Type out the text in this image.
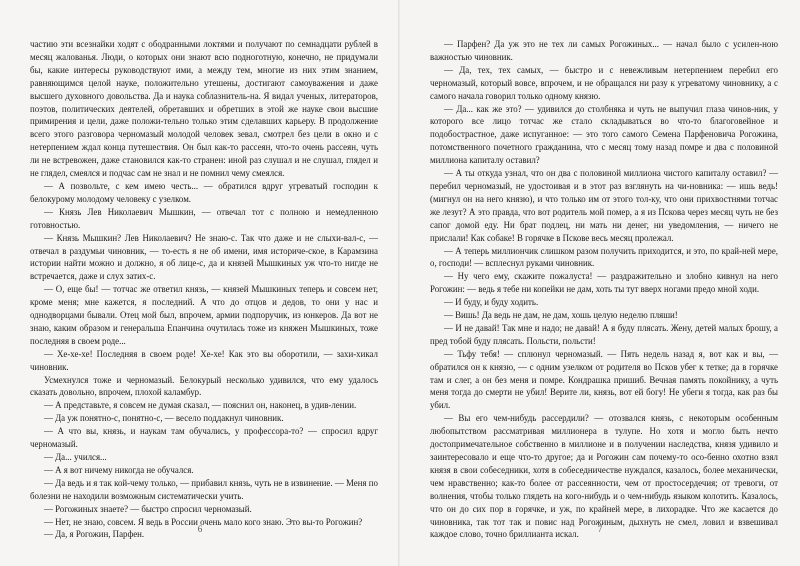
частию эти всезнайки ходят с ободранными локтями и получают по семнадцати рублей в месяц жалованья. Люди, о которых они знают всю подноготную, конечно, не придумали бы, какие интересы руководствуют ими, а между тем, многие из них этим знанием, равняющимся целой науке, положительно утешены, достигают самоуважения и даже высшего духовного довольства. Да и наука соблазнитель-на. Я видал ученых, литераторов, поэтов, политических деятелей, обретавших и обретших в этой же науке свои высшие примирения и цели, даже положи-тельно только этим сделавших карьеру. В продолжение всего этого разговора черномазый молодой человек зевал, смотрел без цели в окно и с нетерпением ждал конца путешествия. Он был как-то рассеян, что-то очень рассеян, чуть ли не встревожен, даже становился как-то странен: иной раз слушал и не слушал, глядел и не глядел, смеялся и подчас сам не знал и не помнил чему смеялся.

— А позвольте, с кем имею честь... — обратился вдруг угреватый господин к белокурому молодому человеку с узелком.

— Князь Лев Николаевич Мышкин, — отвечал тот с полною и немедленною готовностью.

— Князь Мышкин? Лев Николаевич? Не знаю-с. Так что даже и не слыхи-вал-с, — отвечал в раздумьи чиновник, — то-есть я не об имени, имя историче-ское, в Карамзина истории найти можно и должно, я об лице-с, да и князей Мышкиных уж что-то нигде не встречается, даже и слух затих-с.

— О, еще бы! — тотчас же ответил князь, — князей Мышкиных теперь и совсем нет, кроме меня; мне кажется, я последний. А что до отцов и дедов, то они у нас и однодворцами бывали. Отец мой был, впрочем, армии подпоручик, из юнкеров. Да вот не знаю, каким образом и генеральша Епанчина очутилась тоже из княжен Мышкиных, тоже последняя в своем роде...

— Хе-хе-хе! Последняя в своем роде! Хе-хе! Как это вы оборотили, — захи-хикал чиновник.

Усмехнулся тоже и черномазый. Белокурый несколько удивился, что ему удалось сказать довольно, впрочем, плохой каламбур.

— А представьте, я совсем не думая сказал, — пояснил он, наконец, в удив-лении.

— Да уж понятно-с, понятно-с, — весело поддакнул чиновник.

— А что вы, князь, и наукам там обучались, у профессора-то? — спросил вдруг черномазый.

— Да... учился...

— А я вот ничему никогда не обучался.

— Да ведь и я так кой-чему только, — прибавил князь, чуть не в извинение. — Меня по болезни не находили возможным систематически учить.

— Рогожиных знаете? — быстро спросил черномазый.

— Нет, не знаю, совсем. Я ведь в России очень мало кого знаю. Это вы-то Рогожин?

— Да, я Рогожин, Парфен.

6

— Парфен? Да уж это не тех ли самых Рогожиных... — начал было с усилен-ною важностью чиновник.

— Да, тех, тех самых, — быстро и с невежливым нетерпением перебил его черномазый, который вовсе, впрочем, и не обращался ни разу к угреватому чиновнику, а с самого начала говорил только одному князю.

— Да... как же это? — удивился до столбняка и чуть не выпучил глаза чинов-ник, у которого все лицо тотчас же стало складываться во что-то благоговейное и подобострастное, даже испуганное: — это того самого Семена Парфеновича Рогожина, потомственного почетного гражданина, что с месяц тому назад помре и два с половиной миллиона капиталу оставил?

— А ты откуда узнал, что он два с половиной миллиона чистого капиталу оставил? — перебил черномазый, не удостоивая и в этот раз взглянуть на чи-новника: — ишь ведь! (мигнул он на него князю), и что только им от этого тол-ку, что они прихвостнями тотчас же лезут? А это правда, что вот родитель мой помер, а я из Пскова через месяц чуть не без сапог домой еду. Ни брат подлец, ни мать ни денег, ни уведомления, — ничего не прислали! Как собаке! В горячке в Пскове весь месяц пролежал.

— А теперь миллиончик слишком разом получить приходится, и это, по край-ней мере, о, господи! — всплеснул руками чиновник.

— Ну чего ему, скажите пожалуста! — раздражительно и злобно кивнул на него Рогожин: — ведь я тебе ни копейки не дам, хоть ты тут вверх ногами предо мной ходи.

— И буду, и буду ходить.

— Вишь! Да ведь не дам, не дам, хошь целую неделю пляши!

— И не давай! Так мне и надо; не давай! А я буду плясать. Жену, детей малых брошу, а пред тобой буду плясать. Польсти, польсти!

— Тьфу тебя! — сплюнул черномазый. — Пять недель назад я, вот как и вы, — обратился он к князю, — с одним узелком от родителя во Псков убег к тетке; да в горячке там и слег, а он без меня и помре. Кондрашка пришиб. Вечная память покойнику, а чуть меня тогда до смерти не убил! Верите ли, князь, вот ей богу! Не убеги я тогда, как раз бы убил.

— Вы его чем-нибудь рассердили? — отозвался князь, с некоторым особенным любопытством рассматривая миллионера в тулупе. Но хотя и могло быть нечто достопримечательное собственно в миллионе и в получении наследства, князя удивило и заинтересовало и еще что-то другое; да и Рогожин сам почему-то осо-бенно охотно взял князя в свои собеседники, хотя в собеседничестве нуждался, казалось, более механически, чем нравственно; как-то более от рассеянности, чем от простосердечия; от тревоги, от волнения, чтобы только глядеть на кого-нибудь и о чем-нибудь языком колотить. Казалось, что он до сих пор в горячке, и уж, по крайней мере, в лихорадке. Что же касается до чиновника, так тот так и повис над Рогожиным, дыхнуть не смел, ловил и взвешивал каждое слово, точно бриллианта искал.

7
